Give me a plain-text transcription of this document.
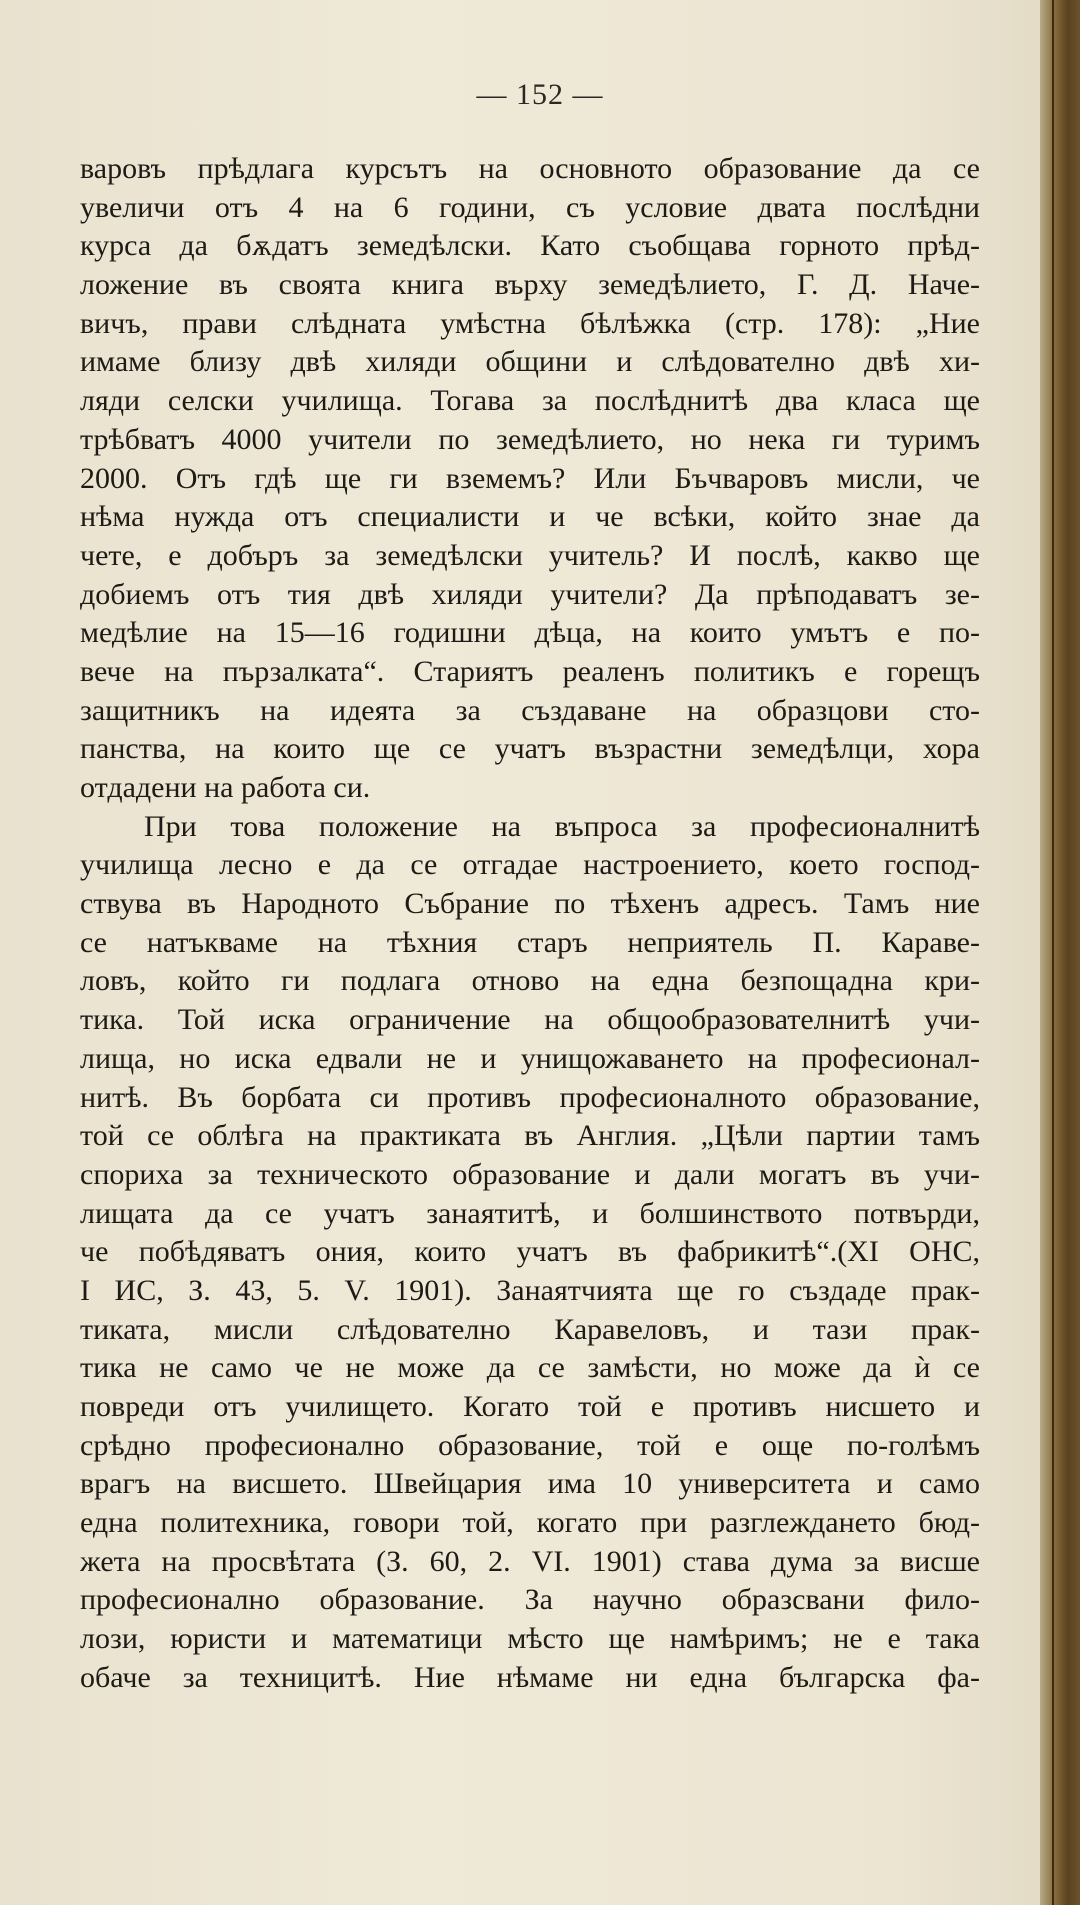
— 152 —
варовъ прѣдлага курсътъ на основното образование да се
увеличи отъ 4 на 6 години, съ условие двата послѣдни
курса да бѫдатъ земедѣлски. Като съобщава горното прѣд-
ложение въ своята книга върху земедѣлието, Г. Д. Наче-
вичъ, прави слѣдната умѣстна бѣлѣжка (стр. 178): „Ние
имаме близу двѣ хиляди общини и слѣдователно двѣ хи-
ляди селски училища. Тогава за послѣднитѣ два класа ще
трѣбватъ 4000 учители по земедѣлието, но нека ги туримъ
2000. Отъ гдѣ ще ги вземемъ? Или Бъчваровъ мисли, че
нѣма нужда отъ специалисти и че всѣки, който знае да
чете, е добъръ за земедѣлски учитель? И послѣ, какво ще
добиемъ отъ тия двѣ хиляди учители? Да прѣподаватъ зе-
медѣлие на 15—16 годишни дѣца, на които умътъ е по-
вече на пързалката“. Стариятъ реаленъ политикъ е горещъ
защитникъ на идеята за създаване на образцови сто-
панства, на които ще се учатъ възрастни земедѣлци, хора
отдадени на работа си.
При това положение на въпроса за професионалнитѣ
училища лесно е да се отгадае настроението, което господ-
ствува въ Народното Събрание по тѣхенъ адресъ. Тамъ ние
се натъкваме на тѣхния старъ неприятель П. Караве-
ловъ, който ги подлага отново на една безпощадна кри-
тика. Той иска ограничение на общообразователнитѣ учи-
лища, но иска едвали не и унищожаването на професионал-
нитѣ. Въ борбата си противъ професионалното образование,
той се облѣга на практиката въ Англия. „Цѣли партии тамъ
спориха за техническото образование и дали могатъ въ учи-
лищата да се учатъ занаятитѣ, и болшинството потвърди,
че побѣдяватъ ония, които учатъ въ фабрикитѣ“.(XI ОНС,
I ИС, З. 43, 5. V. 1901). Занаятчията ще го създаде прак-
тиката, мисли слѣдователно Каравеловъ, и тази прак-
тика не само че не може да се замѣсти, но може да ѝ се
повреди отъ училището. Когато той е противъ нисшето и
срѣдно професионално образование, той е още по-голѣмъ
врагъ на висшето. Швейцария има 10 университета и само
една политехника, говори той, когато при разглеждането бюд-
жета на просвѣтата (З. 60, 2. VI. 1901) става дума за висше
професионално образование. За научно образсвани фило-
лози, юристи и математици мѣсто ще намѣримъ; не е така
обаче за техницитѣ. Ние нѣмаме ни една българска фа-
